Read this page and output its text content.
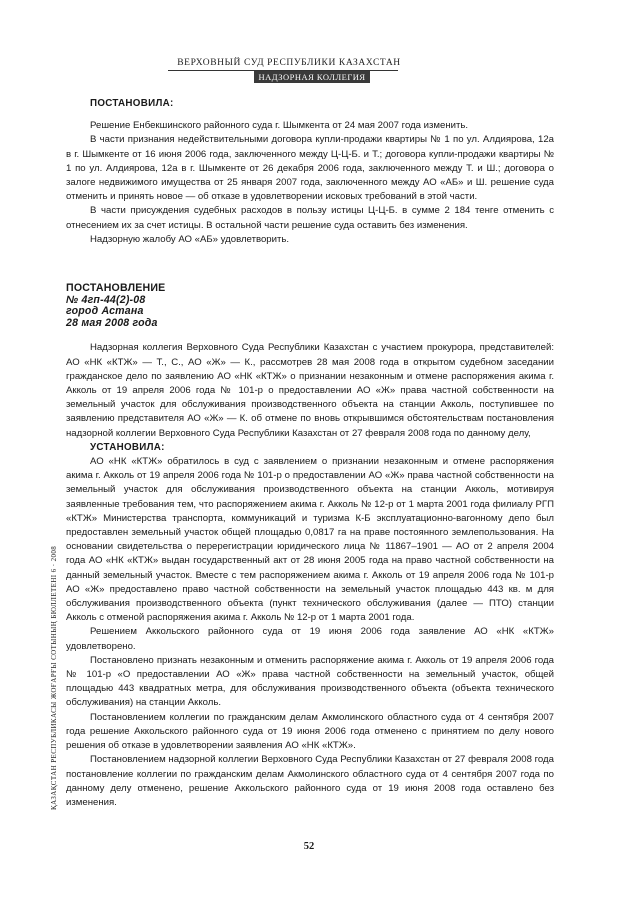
ВЕРХОВНЫЙ СУД РЕСПУБЛИКИ КАЗАХСТАН
НАДЗОРНАЯ КОЛЛЕГИЯ
ҚАЗАҚСТАН РЕСПУБЛИКАСЫ ЖОҒАРҒЫ СОТЫНЫҢ БЮЛЛЕТЕНІ 6 · 2008
ПОСТАНОВИЛА:

Решение Енбекшинского районного суда г. Шымкента от 24 мая 2007 года изменить.

В части признания недействительными договора купли-продажи квартиры № 1 по ул. Алдиярова, 12а в г. Шымкенте от 16 июня 2006 года, заключенного между Ц-Ц-Б. и Т.; договора купли-продажи квартиры № 1 по ул. Алдиярова, 12а в г. Шымкенте от 26 декабря 2006 года, заключенного между Т. и Ш.; договора о залоге недвижимого имущества от 25 января 2007 года, заключенного между АО «АБ» и Ш. решение суда отменить и принять новое — об отказе в удовлетворении исковых требований в этой части.

В части присуждения судебных расходов в пользу истицы Ц-Ц-Б. в сумме 2 184 тенге отменить с отнесением их за счет истицы. В остальной части решение суда оставить без изменения.

Надзорную жалобу АО «АБ» удовлетворить.

ПОСТАНОВЛЕНИЕ
№ 4гп-44(2)-08
город Астана
28 мая 2008 года

Надзорная коллегия Верховного Суда Республики Казахстан с участием прокурора, представителей: АО «НК «КТЖ» — Т., С., АО «Ж» — К., рассмотрев 28 мая 2008 года в открытом судебном заседании гражданское дело по заявлению АО «НК «КТЖ» о признании незаконным и отмене распоряжения акима г. Акколь от 19 апреля 2006 года № 101-р о предоставлении АО «Ж» права частной собственности на земельный участок для обслуживания производственного объекта на станции Акколь, поступившее по заявлению представителя АО «Ж» — К. об отмене по вновь открывшимся обстоятельствам постановления надзорной коллегии Верховного Суда Республики Казахстан от 27 февраля 2008 года по данному делу,

УСТАНОВИЛА:

АО «НК «КТЖ» обратилось в суд с заявлением о признании незаконным и отмене распоряжения акима г. Акколь от 19 апреля 2006 года № 101-р о предоставлении АО «Ж» права частной собственности на земельный участок для обслуживания производственного объекта на станции Акколь, мотивируя заявленные требования тем, что распоряжением акима г. Акколь № 12-р от 1 марта 2001 года филиалу РГП «КТЖ» Министерства транспорта, коммуникаций и туризма К-Б эксплуатационно-вагонному депо был предоставлен земельный участок общей площадью 0,0817 га на праве постоянного землепользования. На основании свидетельства о перерегистрации юридического лица № 11867–1901 — АО от 2 апреля 2004 года АО «НК «КТЖ» выдан государственный акт от 28 июня 2005 года на право частной собственности на данный земельный участок. Вместе с тем распоряжением акима г. Акколь от 19 апреля 2006 года № 101-р АО «Ж» предоставлено право частной собственности на земельный участок площадью 443 кв. м для обслуживания производственного объекта (пункт технического обслуживания (далее — ПТО) станции Акколь с отменой распоряжения акима г. Акколь № 12-р от 1 марта 2001 года.

Решением Аккольского районного суда от 19 июня 2006 года заявление АО «НК «КТЖ» удовлетворено.

Постановлено признать незаконным и отменить распоряжение акима г. Акколь от 19 апреля 2006 года № 101-р «О предоставлении АО «Ж» права частной собственности на земельный участок, общей площадью 443 квадратных метра, для обслуживания производственного объекта (объекта технического обслуживания) на станции Акколь.

Постановлением коллегии по гражданским делам Акмолинского областного суда от 4 сентября 2007 года решение Аккольского районного суда от 19 июня 2006 года отменено с принятием по делу нового решения об отказе в удовлетворении заявления АО «НК «КТЖ».

Постановлением надзорной коллегии Верховного Суда Республики Казахстан от 27 февраля 2008 года постановление коллегии по гражданским делам Акмолинского областного суда от 4 сентября 2007 года по данному делу отменено, решение Аккольского районного суда от 19 июня 2008 года оставлено без изменения.

52
